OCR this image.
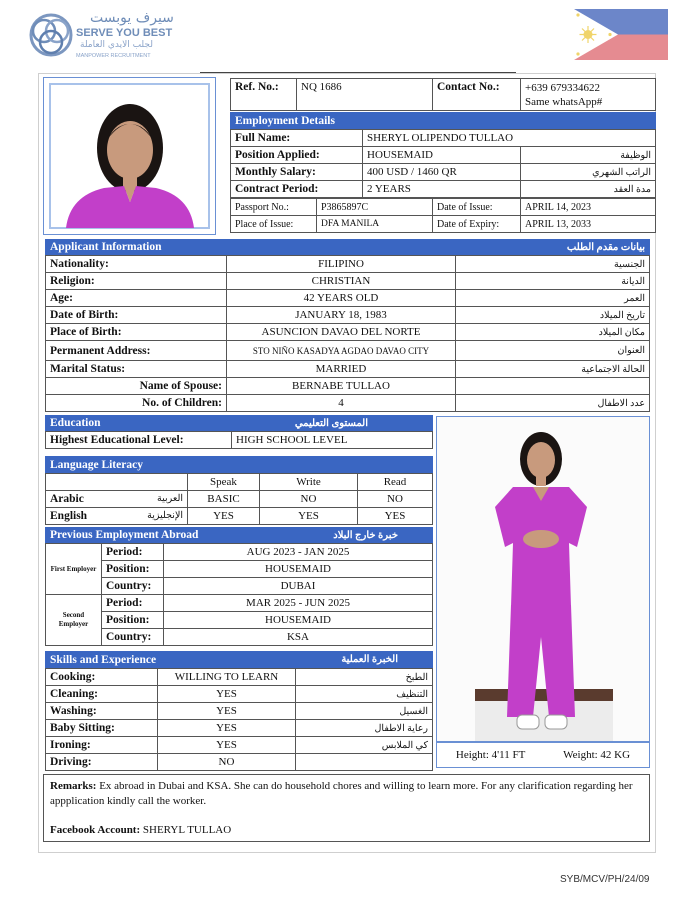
سيرف يوبست
SERVE YOU BEST
لجلب الايدي العاملة
MANPOWER RECRUITMENT
Ref. No.:	NQ 1686	Contact No.:	+639 679334622
Same whatsApp#
Employment Details
Full Name:	SHERYL OLIPENDO TULLAO	
Position Applied:	HOUSEMAID	الوظيفة
Monthly Salary:	400 USD / 1460 QR	الراتب الشهري
Contract Period:	2 YEARS	مدة العقد
Passport No.:	P3865897C	Date of Issue:	APRIL 14, 2023
Place of Issue:	DFA MANILA	Date of Expiry:	APRIL 13, 2033
Applicant Information	بيانات مقدم الطلب
Nationality:	FILIPINO	الجنسية
Religion:	CHRISTIAN	الديانة
Age:	42 YEARS OLD	العمر
Date of Birth:	JANUARY 18, 1983	تاريخ الميلاد
Place of Birth:	ASUNCION DAVAO DEL NORTE	مكان الميلاد
Permanent Address:	STO NIÑO KASADYA AGDAO DAVAO CITY	العنوان
Marital Status:	MARRIED	الحالة الاجتماعية
Name of Spouse:	BERNABE TULLAO	
No. of Children:	4	عدد الاطفال
Education	المستوى التعليمي
Highest Educational Level:	HIGH SCHOOL LEVEL
Language Literacy
	Speak	Write	Read
Arabic العربية	BASIC	NO	NO
English الإنجليزية	YES	YES	YES
Previous Employment Abroad	خبرة خارج البلاد
First Employer	Period:	AUG 2023 - JAN 2025
	Position:	HOUSEMAID
	Country:	DUBAI
Second Employer	Period:	MAR 2025 - JUN 2025
	Position:	HOUSEMAID
	Country:	KSA
Skills and Experience	الخبرة العملية
Cooking:	WILLING TO LEARN	الطبخ
Cleaning:	YES	التنظيف
Washing:	YES	الغسيل
Baby Sitting:	YES	رعاية الاطفال
Ironing:	YES	كي الملابس
Driving:	NO	
Height: 4'11 FT	Weight: 42 KG
Remarks: Ex abroad in Dubai and KSA. She can do household chores and willing to learn more. For any clarification regarding her appplication kindly call the worker.
Facebook Account: SHERYL TULLAO
SYB/MCV/PH/24/09
